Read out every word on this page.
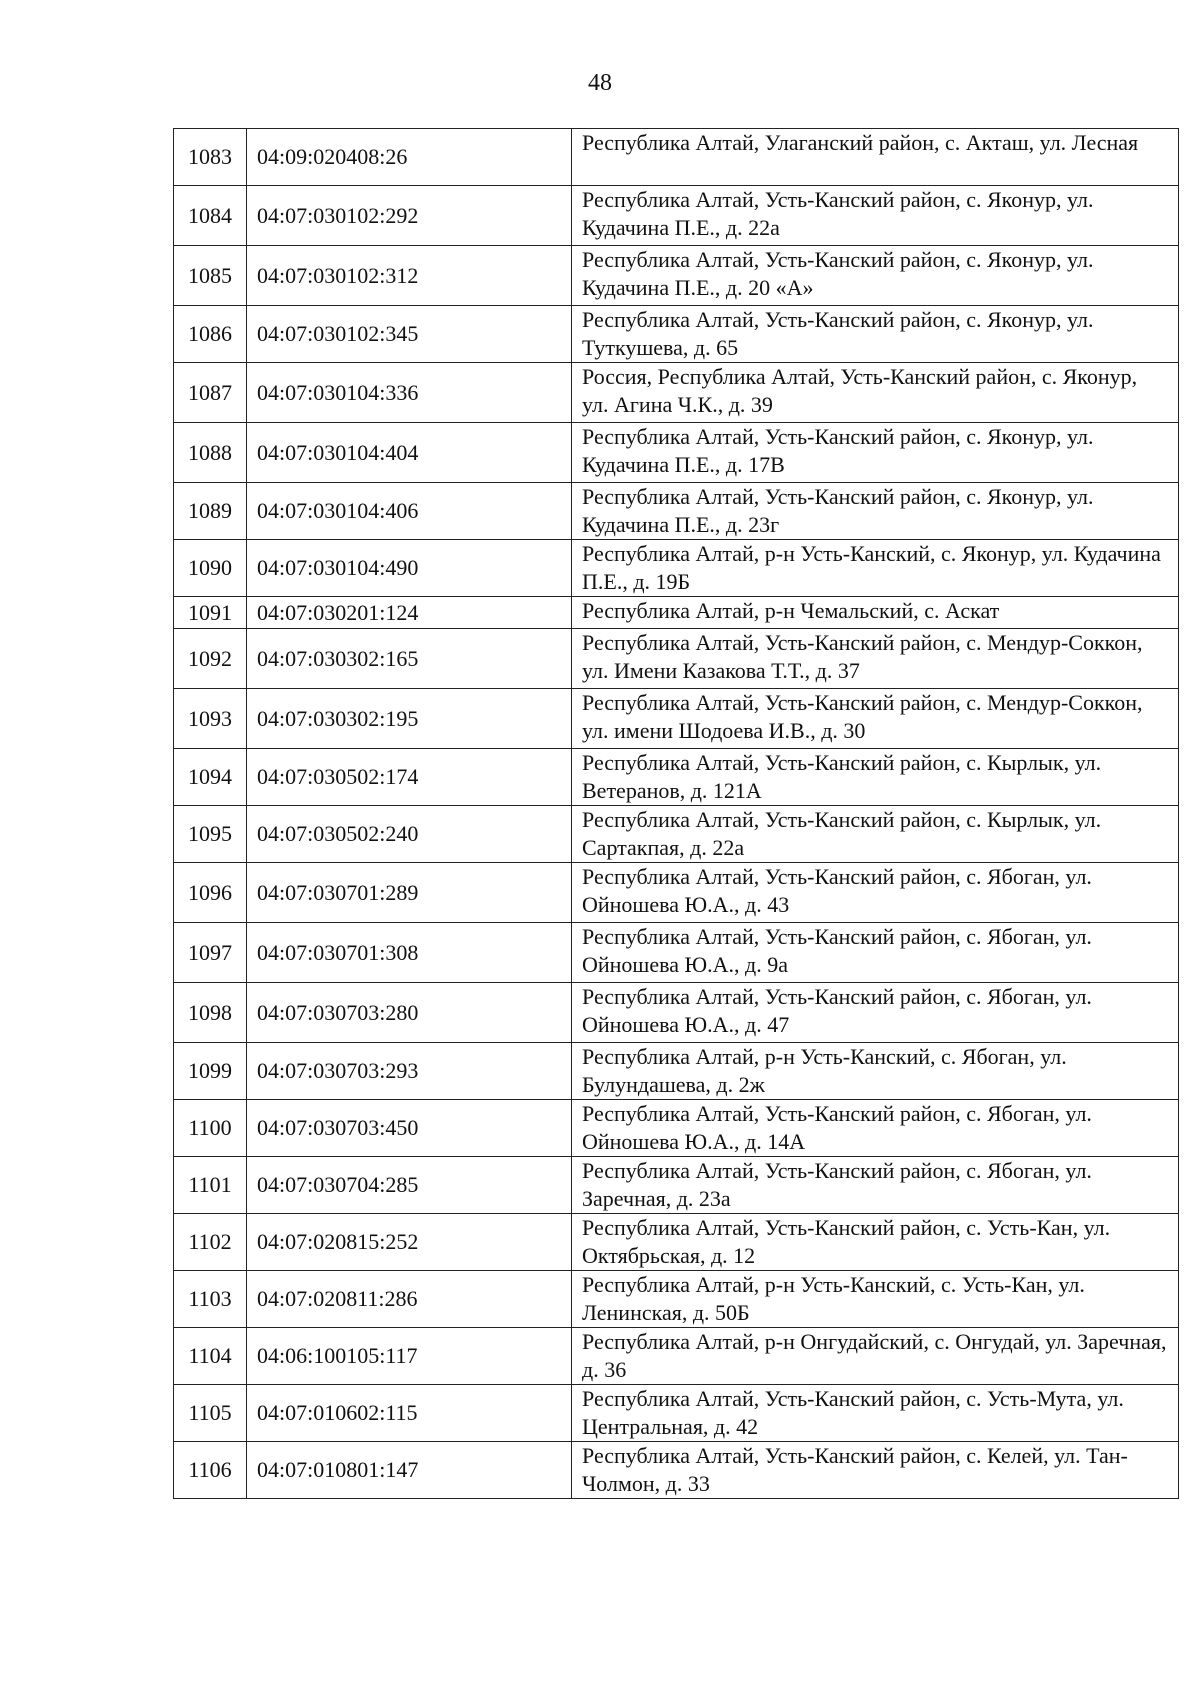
48
1083	04:09:020408:26	Республика Алтай, Улаганский район, с. Акташ, ул. Лесная
1084	04:07:030102:292	Республика Алтай, Усть-Канский район, с. Яконур, ул. Кудачина П.Е., д. 22а
1085	04:07:030102:312	Республика Алтай, Усть-Канский район, с. Яконур, ул. Кудачина П.Е., д. 20 «А»
1086	04:07:030102:345	Республика Алтай, Усть-Канский район, с. Яконур, ул. Туткушева, д. 65
1087	04:07:030104:336	Россия, Республика Алтай, Усть-Канский район, с. Яконур, ул. Агина Ч.К., д. 39
1088	04:07:030104:404	Республика Алтай, Усть-Канский район, с. Яконур, ул. Кудачина П.Е., д. 17В
1089	04:07:030104:406	Республика Алтай, Усть-Канский район, с. Яконур, ул. Кудачина П.Е., д. 23г
1090	04:07:030104:490	Республика Алтай, р-н Усть-Канский, с. Яконур, ул. Кудачина П.Е., д. 19Б
1091	04:07:030201:124	Республика Алтай, р-н Чемальский, с. Аскат
1092	04:07:030302:165	Республика Алтай, Усть-Канский район, с. Мендур-Соккон, ул. Имени Казакова Т.Т., д. 37
1093	04:07:030302:195	Республика Алтай, Усть-Канский район, с. Мендур-Соккон, ул. имени Шодоева И.В., д. 30
1094	04:07:030502:174	Республика Алтай, Усть-Канский район, с. Кырлык, ул. Ветеранов, д. 121А
1095	04:07:030502:240	Республика Алтай, Усть-Канский район, с. Кырлык, ул. Сартакпая, д. 22а
1096	04:07:030701:289	Республика Алтай, Усть-Канский район, с. Ябоган, ул. Ойношева Ю.А., д. 43
1097	04:07:030701:308	Республика Алтай, Усть-Канский район, с. Ябоган, ул. Ойношева Ю.А., д. 9а
1098	04:07:030703:280	Республика Алтай, Усть-Канский район, с. Ябоган, ул. Ойношева Ю.А., д. 47
1099	04:07:030703:293	Республика Алтай, р-н Усть-Канский, с. Ябоган, ул. Булундашева, д. 2ж
1100	04:07:030703:450	Республика Алтай, Усть-Канский район, с. Ябоган, ул. Ойношева Ю.А., д. 14А
1101	04:07:030704:285	Республика Алтай, Усть-Канский район, с. Ябоган, ул. Заречная, д. 23а
1102	04:07:020815:252	Республика Алтай, Усть-Канский район, с. Усть-Кан, ул. Октябрьская, д. 12
1103	04:07:020811:286	Республика Алтай, р-н Усть-Канский, с. Усть-Кан, ул. Ленинская, д. 50Б
1104	04:06:100105:117	Республика Алтай, р-н Онгудайский, с. Онгудай, ул. Заречная, д. 36
1105	04:07:010602:115	Республика Алтай, Усть-Канский район, с. Усть-Мута, ул. Центральная, д. 42
1106	04:07:010801:147	Республика Алтай, Усть-Канский район, с. Келей, ул. Тан-Чолмон, д. 33
